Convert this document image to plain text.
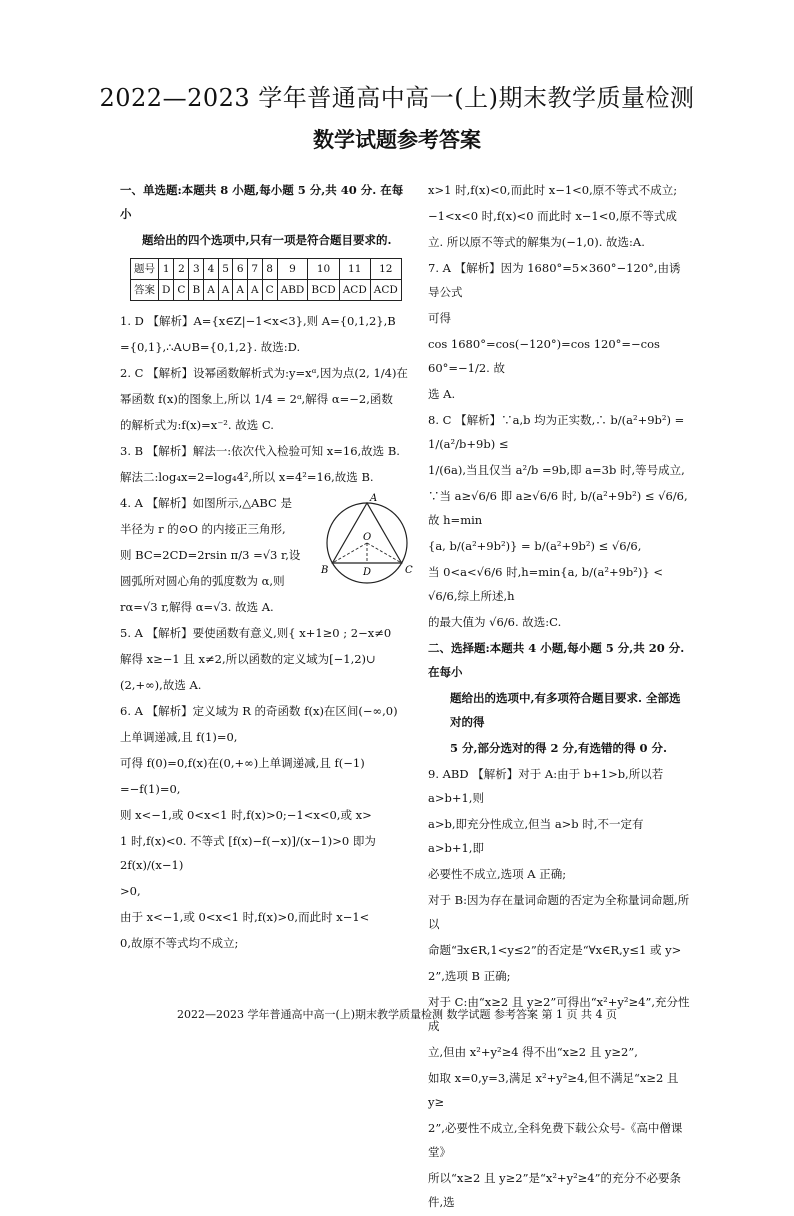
2022—2023 学年普通高中高一(上)期末教学质量检测
数学试题参考答案

一、单选题:本题共 8 小题,每小题 5 分,共 40 分. 在每小

题给出的四个选项中,只有一项是符合题目要求的.

题号	1	2	3	4	5	6	7	8	9	10	11	12
答案	D	C	B	A	A	A	A	C	ABD	BCD	ACD	ACD

1. D 【解析】A={x∈Z|−1<x<3},则 A={0,1,2},B

={0,1},∴A∪B={0,1,2}. 故选:D.

2. C 【解析】设幂函数解析式为:y=xᵅ,因为点(2, 1/4)在

幂函数 f(x)的图象上,所以 1/4 = 2ᵅ,解得 α=−2,函数

的解析式为:f(x)=x⁻². 故选 C.

3. B 【解析】解法一:依次代入检验可知 x=16,故选 B.

解法二:log₄x=2=log₄4²,所以 x=4²=16,故选 B.

A
B	C
O
D

4. A 【解析】如图所示,△ABC 是

半径为 r 的⊙O 的内接正三角形,

则 BC=2CD=2rsin π/3 =√3 r,设

圆弧所对圆心角的弧度数为 α,则

rα=√3 r,解得 α=√3. 故选 A.

5. A 【解析】要使函数有意义,则{ x+1≥0 ; 2−x≠0

解得 x≥−1 且 x≠2,所以函数的定义域为[−1,2)∪

(2,+∞),故选 A.

6. A 【解析】定义域为 R 的奇函数 f(x)在区间(−∞,0)

上单调递减,且 f(1)=0,

可得 f(0)=0,f(x)在(0,+∞)上单调递减,且 f(−1)

=−f(1)=0,

则 x<−1,或 0<x<1 时,f(x)>0;−1<x<0,或 x>

1 时,f(x)<0. 不等式 [f(x)−f(−x)]/(x−1)>0 即为 2f(x)/(x−1)

>0,

由于 x<−1,或 0<x<1 时,f(x)>0,而此时 x−1<

0,故原不等式均不成立;

x>1 时,f(x)<0,而此时 x−1<0,原不等式不成立;

−1<x<0 时,f(x)<0 而此时 x−1<0,原不等式成

立. 所以原不等式的解集为(−1,0). 故选:A.

7. A 【解析】因为 1680°=5×360°−120°,由诱导公式

可得

cos 1680°=cos(−120°)=cos 120°=−cos 60°=−1/2. 故

选 A.

8. C 【解析】∵a,b 均为正实数,∴ b/(a²+9b²) = 1/(a²/b+9b) ≤

1/(6a),当且仅当 a²/b =9b,即 a=3b 时,等号成立,

∵当 a≥√6/6 即 a≥√6/6 时, b/(a²+9b²) ≤ √6/6,故 h=min

{a, b/(a²+9b²)} = b/(a²+9b²) ≤ √6/6,

当 0<a<√6/6 时,h=min{a, b/(a²+9b²)} < √6/6,综上所述,h

的最大值为 √6/6. 故选:C.

二、选择题:本题共 4 小题,每小题 5 分,共 20 分. 在每小

题给出的选项中,有多项符合题目要求. 全部选对的得

5 分,部分选对的得 2 分,有选错的得 0 分.

9. ABD 【解析】对于 A:由于 b+1>b,所以若 a>b+1,则

a>b,即充分性成立,但当 a>b 时,不一定有 a>b+1,即

必要性不成立,选项 A 正确;

对于 B:因为存在量词命题的否定为全称量词命题,所以

命题“∃x∈R,1<y≤2”的否定是“∀x∈R,y≤1 或 y>

2”,选项 B 正确;

对于 C:由“x≥2 且 y≥2”可得出“x²+y²≥4”,充分性成

立,但由 x²+y²≥4 得不出“x≥2 且 y≥2”,

如取 x=0,y=3,满足 x²+y²≥4,但不满足“x≥2 且 y≥

2”,必要性不成立,全科免费下载公众号-《高中僧课堂》

所以“x≥2 且 y≥2”是“x²+y²≥4”的充分不必要条件,选

2022—2023 学年普通高中高一(上)期末教学质量检测 数学试题 参考答案 第 1 页 共 4 页
